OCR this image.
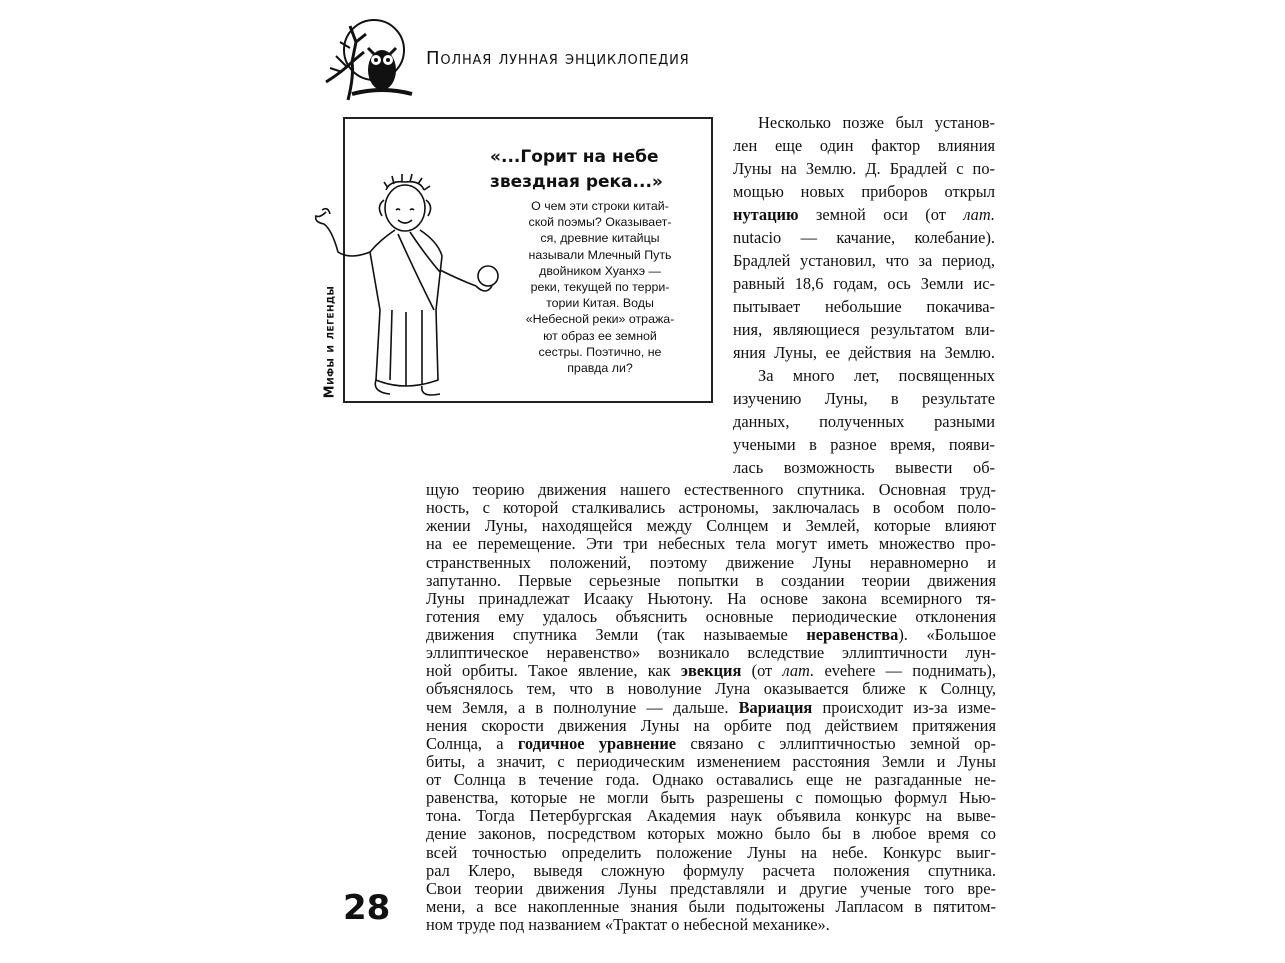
Полная лунная энциклопедия
Мифы и легенды
«...Горит на небе
звездная река...»
О чем эти строки китай-
ской поэмы? Оказывает-
ся, древние китайцы
называли Млечный Путь
двойником Хуанхэ —
реки, текущей по терри-
тории Китая. Воды
«Небесной реки» отража-
ют образ ее земной
сестры. Поэтично, не
правда ли?
Несколько позже был установ-
лен еще один фактор влияния
Луны на Землю. Д. Брадлей с по-
мощью новых приборов открыл
нутацию земной оси (от лат.
nutacio — качание, колебание).
Брадлей установил, что за период,
равный 18,6 годам, ось Земли ис-
пытывает небольшие покачива-
ния, являющиеся результатом вли-
яния Луны, ее действия на Землю.
За много лет, посвященных
изучению Луны, в результате
данных, полученных разными
учеными в разное время, появи-
лась возможность вывести об-
щую теорию движения нашего естественного спутника. Основная труд-
ность, с которой сталкивались астрономы, заключалась в особом поло-
жении Луны, находящейся между Солнцем и Землей, которые влияют
на ее перемещение. Эти три небесных тела могут иметь множество про-
странственных положений, поэтому движение Луны неравномерно и
запутанно. Первые серьезные попытки в создании теории движения
Луны принадлежат Исааку Ньютону. На основе закона всемирного тя-
готения ему удалось объяснить основные периодические отклонения
движения спутника Земли (так называемые неравенства). «Большое
эллиптическое неравенство» возникало вследствие эллиптичности лун-
ной орбиты. Такое явление, как эвекция (от лат. evehere — поднимать),
объяснялось тем, что в новолуние Луна оказывается ближе к Солнцу,
чем Земля, а в полнолуние — дальше. Вариация происходит из-за изме-
нения скорости движения Луны на орбите под действием притяжения
Солнца, а годичное уравнение связано с эллиптичностью земной ор-
биты, а значит, с периодическим изменением расстояния Земли и Луны
от Солнца в течение года. Однако оставались еще не разгаданные не-
равенства, которые не могли быть разрешены с помощью формул Нью-
тона. Тогда Петербургская Академия наук объявила конкурс на выве-
дение законов, посредством которых можно было бы в любое время со
всей точностью определить положение Луны на небе. Конкурс выиг-
28
рал Клеро, выведя сложную формулу расчета положения спутника.
Свои теории движения Луны представляли и другие ученые того вре-
мени, а все накопленные знания были подытожены Лапласом в пятитом-
ном труде под названием «Трактат о небесной механике».
